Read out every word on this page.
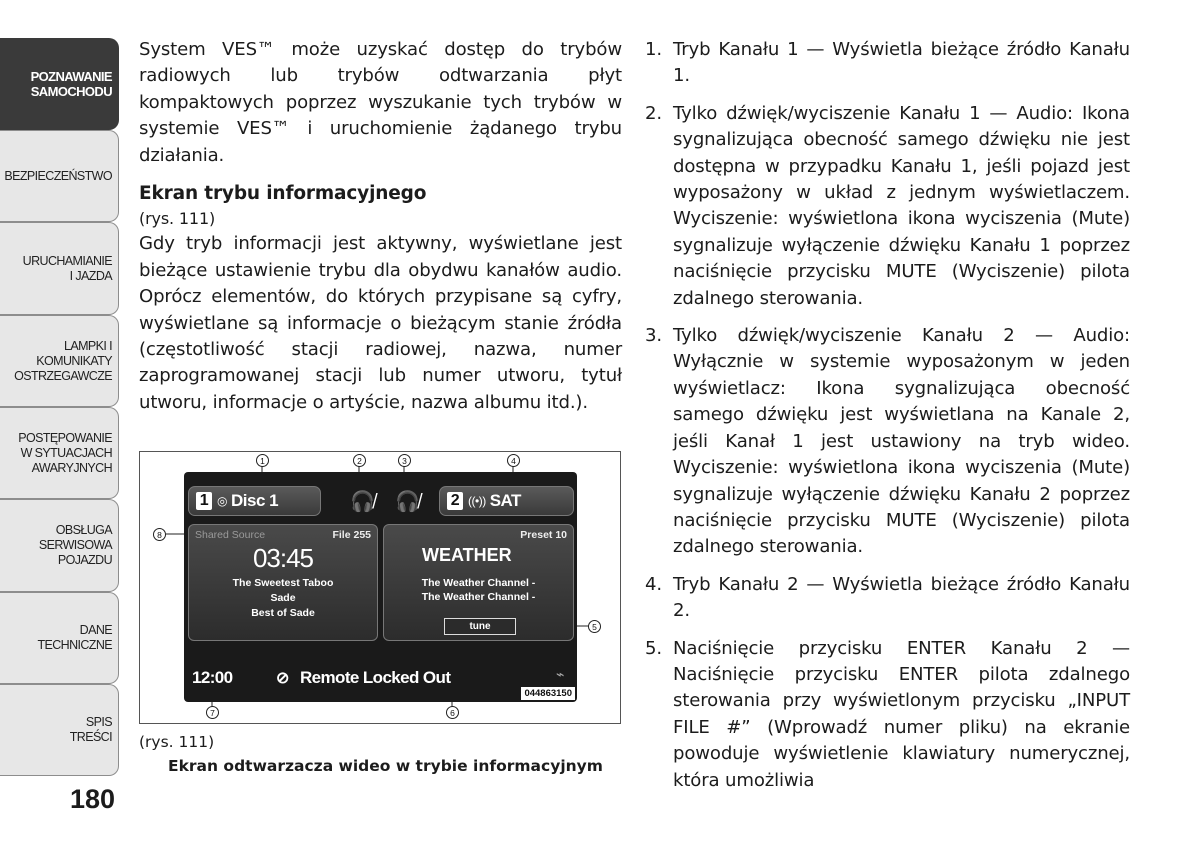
POZNAWANIE
SAMOCHODU
BEZPIECZEŃSTWO
URUCHAMIANIE
I JAZDA
LAMPKI I
KOMUNIKATY
OSTRZEGAWCZE
POSTĘPOWANIE
W SYTUACJACH
AWARYJNYCH
OBSŁUGA
SERWISOWA
POJAZDU
DANE
TECHNICZNE
SPIS
TREŚCI
180

System VES™ może uzyskać dostęp do trybów radiowych lub trybów odtwarzania płyt kompaktowych poprzez wyszukanie tych trybów w systemie VES™ i uruchomienie żądanego trybu działania.

Ekran trybu informacyjnego

(rys. 111)

Gdy tryb informacji jest aktywny, wyświetlane jest bieżące ustawienie trybu dla obydwu kanałów audio. Oprócz elementów, do których przypisane są cyfry, wyświetlane są informacje o bieżącym stanie źródła (częstotliwość stacji radiowej, nazwa, numer zaprogramowanej stacji lub numer utworu, tytuł utworu, informacje o artyście, nazwa albumu itd.).

1 ◎ Disc 1	🎧̸ 🎧̸ 2 ((•)) SAT
Shared Source	File 255
03:45
The Sweetest Taboo
Sade
Best of Sade
Preset 10
WEATHER
The Weather Channel -
The Weather Channel -
tune
12:00	⊘ Remote Locked Out	⌁
044863150
1	2	3	4
5
6
7
8
(rys. 111)
Ekran odtwarzacza wideo w trybie informacyjnym
1. Tryb Kanału 1 — Wyświetla bieżące źródło Kanału 1.
2. Tylko dźwięk/wyciszenie Kanału 1 — Audio: Ikona sygnalizująca obecność samego dźwięku nie jest dostępna w przypadku Kanału 1, jeśli pojazd jest wyposażony w układ z jednym wyświetlaczem. Wyciszenie: wyświetlona ikona wyciszenia (Mute) sygnalizuje wyłączenie dźwięku Kanału 1 poprzez naciśnięcie przycisku MUTE (Wyciszenie) pilota zdalnego sterowania.
3. Tylko dźwięk/wyciszenie Kanału 2 — Audio: Wyłącznie w systemie wyposażonym w jeden wyświetlacz: Ikona sygnalizująca obecność samego dźwięku jest wyświetlana na Kanale 2, jeśli Kanał 1 jest ustawiony na tryb wideo. Wyciszenie: wyświetlona ikona wyciszenia (Mute) sygnalizuje wyłączenie dźwięku Kanału 2 poprzez naciśnięcie przycisku MUTE (Wyciszenie) pilota zdalnego sterowania.
4. Tryb Kanału 2 — Wyświetla bieżące źródło Kanału 2.
5. Naciśnięcie przycisku ENTER Kanału 2 — Naciśnięcie przycisku ENTER pilota zdalnego sterowania przy wyświetlonym przycisku „INPUT FILE #” (Wprowadź numer pliku) na ekranie powoduje wyświetlenie klawiatury numerycznej, która umożliwia
